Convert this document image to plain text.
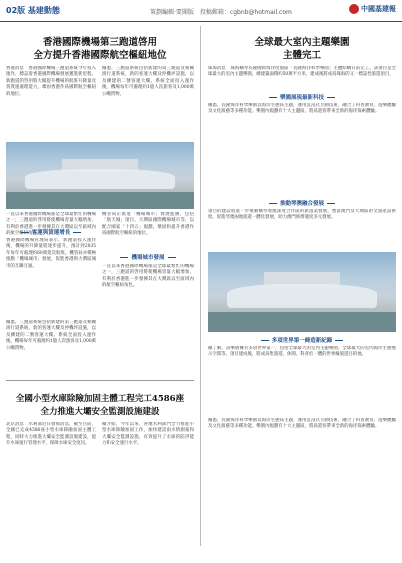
02版 基建動態	策劃編輯·要聞版　投稿郵箱：cgbnb@hotmail.com	中國基建報
香港國際機場第三跑道啓用
全方提升香港國際航空樞紐地位
香港消息　香港國際機場三跑道系統今年投入運作，標誌着香港國際機場發展邁進新里程。新跑道的啓用將大幅提升機場的航班升降量及客貨運處理能力，鞏固香港作爲國際航空樞紐的地位。
據悉，三跑道系統包括新建的第三跑道及相關滑行道系統，新的客運大樓及停機坪設施，以及擴建的二號客運大樓。系統全面投入運作後，機場每年可處理約1億人次旅客及1,000萬公噸貨物。
一直以來香港國際機場都是全球最繁忙的機場之一，三跑道的啓用將使機場容量大幅增加，有利於香港進一步發揮其在大灣區以至區域內的航空樞紐角色。
客運與貨運增長
香港國際機場管理局表示，新跑道投入運作後，機場的升降量將逐步提升，預計到2035年每年可處理約60萬架次航班。機管局亦積極推動「機場城市」發展，促進香港與大灣區城市的互聯互通。
機管局正推進「機場城市」發展藍圖，包括「航天城」項目、大灣區國際機場城市等，以配合國家「十四五」規劃，鞏固和提升香港作爲國際航空樞紐的地位。
機場城市發展
一直以來香港國際機場都是全球最繁忙的機場之一，三跑道的啓用將使機場容量大幅增加，有利於香港進一步發揮其在大灣區以至區域內的航空樞紐角色。
據悉，三跑道系統包括新建的第三跑道及相關滑行道系統，新的客運大樓及停機坪設施，以及擴建的二號客運大樓。系統全面投入運作後，機場每年可處理約1億人次旅客及1,000萬公噸貨物。
全國小型水庫除險加固主體工程完工4586座
全力推進大壩安全監測設施建設
北京消息　水利部近日發佈消息，截至目前，全國已完成4586座小型水庫除險加固主體工程，同時大力推進大壩安全監測設施建設，提升水庫運行管理水平，保障水庫安全度汛。
據介紹，今年以來，各地水利部門全力推進小型水庫除險加固工作，加快建設雨水情測報和大壩安全監測設施，有效提升了水庫的防洪能力和安全運行水平。
全球最大室內主題樂園
主體完工
珠海消息　珠海橫琴長隆國際海洋度假區「長隆海洋科學樂園」主體結構日前完工。該項目是全球最大的室內主題樂園，總建築面積約50萬平方米，建成後將成爲珠海的又一標誌性旅遊項目。
樂園展現最新科技
據悉，長隆海洋科學樂園以海洋生態爲主題，運用沉浸式互動技術，融合了科普教育、遊樂體驗及文化演藝等多種功能。樂園內規劃有十大主題區，將爲遊客帶來全新的海洋探索體驗。
推動琴澳融合發展
項目的建設將進一步推動橫琴粵澳深度合作區的旅遊業發展，豐富澳門及大灣區的文旅產品供給，促進琴澳兩地旅遊一體化發展，助力澳門經濟適度多元發展。
多項世界第一締造新紀錄
據了解，該樂園擁有多項世界第一，包括全球最大的室內主題樂園、全球最大的室內海洋生態展示空間等。項目建成後，將成爲集旅遊、休閒、科普於一體的世界級旅遊目的地。
據悉，長隆海洋科學樂園以海洋生態爲主題，運用沉浸式互動技術，融合了科普教育、遊樂體驗及文化演藝等多種功能。樂園內規劃有十大主題區，將爲遊客帶來全新的海洋探索體驗。
